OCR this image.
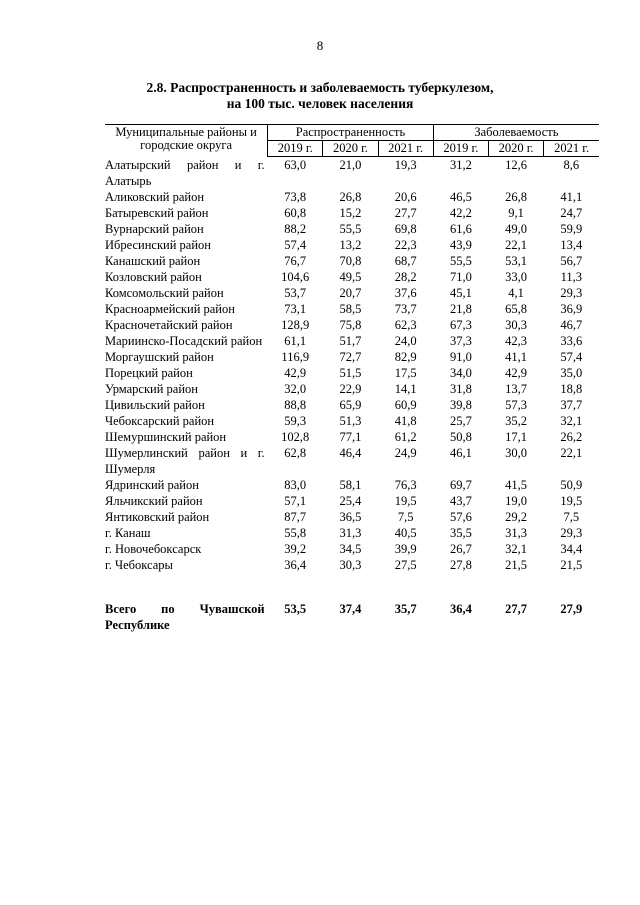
8
2.8. Распространенность и заболеваемость туберкулезом,
на 100 тыс. человек населения
Муниципальные районы и городские округа	Распространенность			Заболеваемость		
	2019 г.	2020 г.	2021 г.	2019 г.	2020 г.	2021 г.
Алатырский район и г. Алатырь	63,0	21,0	19,3	31,2	12,6	8,6
Аликовский район	73,8	26,8	20,6	46,5	26,8	41,1
Батыревский район	60,8	15,2	27,7	42,2	9,1	24,7
Вурнарский район	88,2	55,5	69,8	61,6	49,0	59,9
Ибресинский район	57,4	13,2	22,3	43,9	22,1	13,4
Канашский район	76,7	70,8	68,7	55,5	53,1	56,7
Козловский район	104,6	49,5	28,2	71,0	33,0	11,3
Комсомольский район	53,7	20,7	37,6	45,1	4,1	29,3
Красноармейский район	73,1	58,5	73,7	21,8	65,8	36,9
Красночетайский район	128,9	75,8	62,3	67,3	30,3	46,7
Мариинско-Посадский район	61,1	51,7	24,0	37,3	42,3	33,6
Моргаушский район	116,9	72,7	82,9	91,0	41,1	57,4
Порецкий район	42,9	51,5	17,5	34,0	42,9	35,0
Урмарский район	32,0	22,9	14,1	31,8	13,7	18,8
Цивильский район	88,8	65,9	60,9	39,8	57,3	37,7
Чебоксарский район	59,3	51,3	41,8	25,7	35,2	32,1
Шемуршинский район	102,8	77,1	61,2	50,8	17,1	26,2
Шумерлинский район и г. Шумерля	62,8	46,4	24,9	46,1	30,0	22,1
Ядринский район	83,0	58,1	76,3	69,7	41,5	50,9
Яльчикский район	57,1	25,4	19,5	43,7	19,0	19,5
Янтиковский район	87,7	36,5	7,5	57,6	29,2	7,5
г. Канаш	55,8	31,3	40,5	35,5	31,3	29,3
г. Новочебоксарск	39,2	34,5	39,9	26,7	32,1	34,4
г. Чебоксары	36,4	30,3	27,5	27,8	21,5	21,5

Всего по Чувашской Республике	53,5	37,4	35,7	36,4	27,7	27,9
